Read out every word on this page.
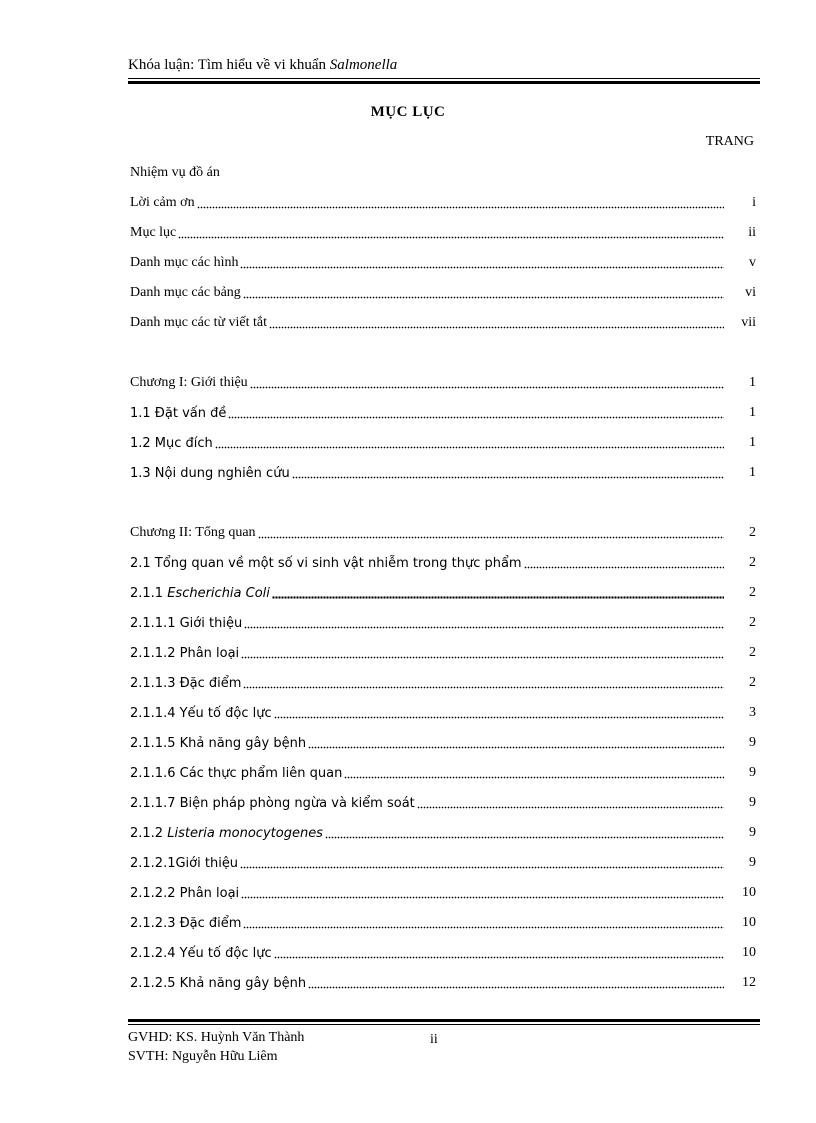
Khóa luận: Tìm hiểu về vi khuẩn Salmonella
MỤC LỤC
TRANG
Nhiệm vụ đồ án
Lời cảm ơn	i
Mục lục	ii
Danh mục các hình	v
Danh mục các bảng	vi
Danh mục các từ viết tắt	vii
Chương I: Giới thiệu	1
1.1 Đặt vấn đề	1
1.2 Mục đích	1
1.3 Nội dung nghiên cứu	1
Chương II: Tổng quan	2
2.1 Tổng quan về một số vi sinh vật nhiễm trong thực phẩm	2
2.1.1 Escherichia Coli	2
2.1.1.1 Giới thiệu	2
2.1.1.2 Phân loại	2
2.1.1.3 Đặc điểm	2
2.1.1.4 Yếu tố độc lực	3
2.1.1.5 Khả năng gây bệnh	9
2.1.1.6 Các thực phẩm liên quan	9
2.1.1.7 Biện pháp phòng ngừa và kiểm soát	9
2.1.2 Listeria monocytogenes	9
2.1.2.1Giới thiệu	9
2.1.2.2 Phân loại	10
2.1.2.3 Đặc điểm	10
2.1.2.4 Yếu tố độc lực	10
2.1.2.5 Khả năng gây bệnh	12
GVHD: KS. Huỳnh Văn Thành
SVTH: Nguyễn Hữu Liêm
ii
